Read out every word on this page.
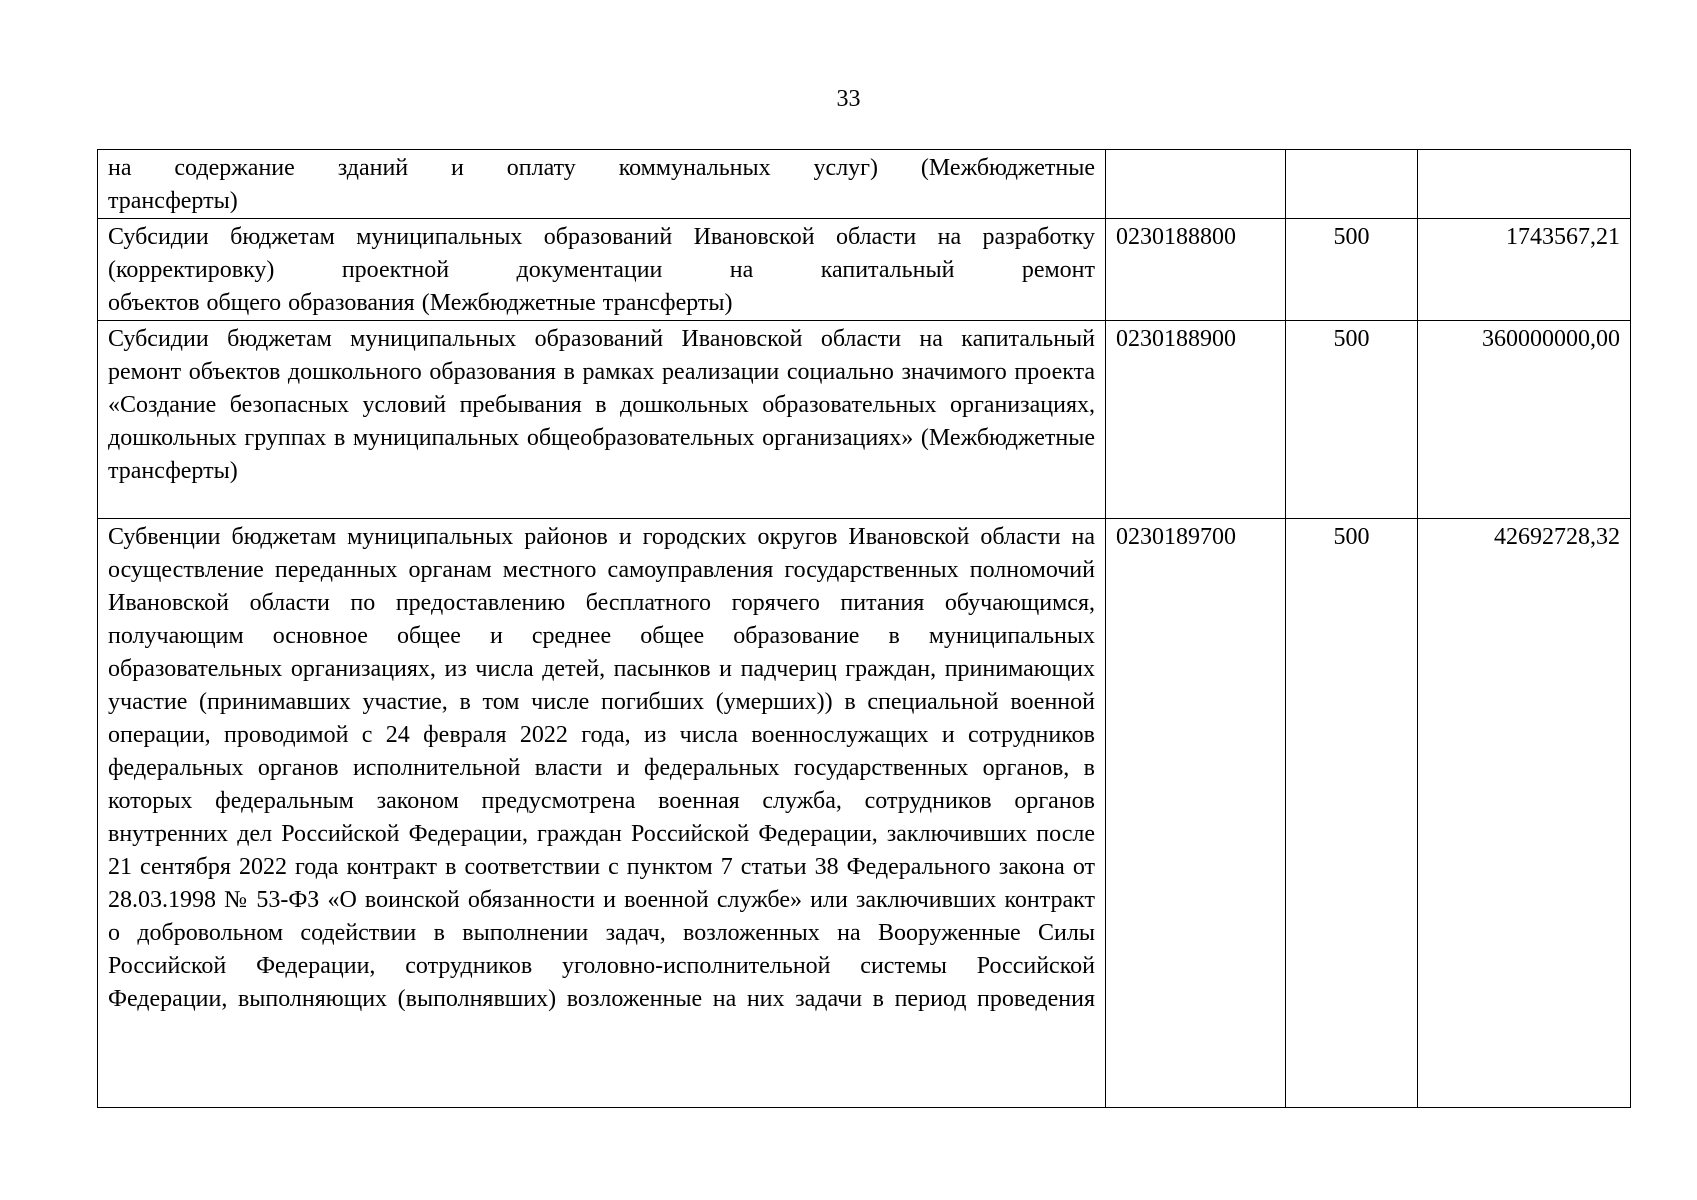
33
на содержание зданий и оплату коммунальных услуг) (Межбюджетные
трансферты)			

Субсидии бюджетам муниципальных образований Ивановской области на разработку (корректировку) проектной документации на капитальный ремонт
объектов общего образования (Межбюджетные трансферты)	0230188800	500	1743567,21
Субсидии бюджетам муниципальных образований Ивановской области на капитальный ремонт объектов дошкольного образования в рамках реализации социально значимого проекта «Создание безопасных условий пребывания в дошкольных образовательных организациях, дошкольных группах в муниципальных общеобразовательных организациях» (Межбюджетные
трансферты)	0230188900	500	360000000,00
Субвенции бюджетам муниципальных районов и городских округов Ивановской области на осуществление переданных органам местного самоуправления государственных полномочий Ивановской области по предоставлению бесплатного горячего питания обучающимся, получающим основное общее и среднее общее образование в муниципальных образовательных организациях, из числа детей, пасынков и падчериц граждан, принимающих участие (принимавших участие, в том числе погибших (умерших)) в специальной военной операции, проводимой с 24 февраля 2022 года, из числа военнослужащих и сотрудников федеральных органов исполнительной власти и федеральных государственных органов, в которых федеральным законом предусмотрена военная служба, сотрудников органов внутренних дел Российской Федерации, граждан Российской Федерации, заключивших после 21 сентября 2022 года контракт в соответствии с пунктом 7 статьи 38 Федерального закона от 28.03.1998 № 53-ФЗ «О воинской обязанности и военной службе» или заключивших контракт о добровольном содействии в выполнении задач, возложенных на Вооруженные Силы Российской Федерации, сотрудников уголовно-исполнительной системы Российской Федерации, выполняющих (выполнявших) возложенные на них задачи в период проведения	0230189700	500	42692728,32
